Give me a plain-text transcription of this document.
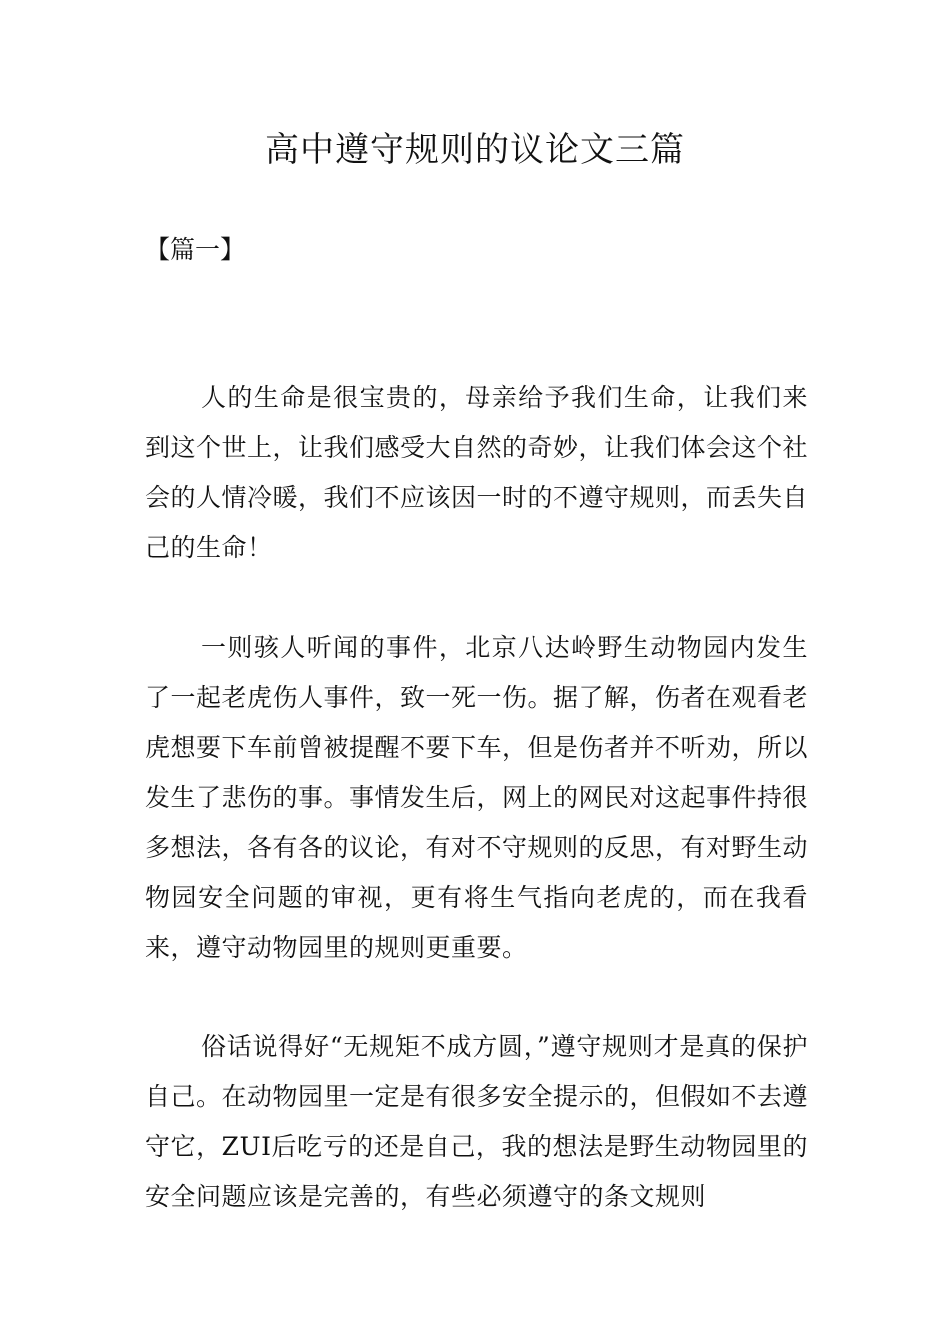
高中遵守规则的议论文三篇

【篇一】

人的生命是很宝贵的，母亲给予我们生命，让我们来到这个世上，让我们感受大自然的奇妙，让我们体会这个社会的人情冷暖，我们不应该因一时的不遵守规则，而丢失自己的生命！

一则骇人听闻的事件，北京八达岭野生动物园内发生了一起老虎伤人事件，致一死一伤。据了解，伤者在观看老虎想要下车前曾被提醒不要下车，但是伤者并不听劝，所以发生了悲伤的事。事情发生后，网上的网民对这起事件持很多想法，各有各的议论，有对不守规则的反思，有对野生动物园安全问题的审视，更有将生气指向老虎的，而在我看来，遵守动物园里的规则更重要。

俗话说得好“无规矩不成方圆，”遵守规则才是真的保护自己。在动物园里一定是有很多安全提示的，但假如不去遵守它，ZUI后吃亏的还是自己，我的想法是野生动物园里的安全问题应该是完善的，有些必须遵守的条文规则
